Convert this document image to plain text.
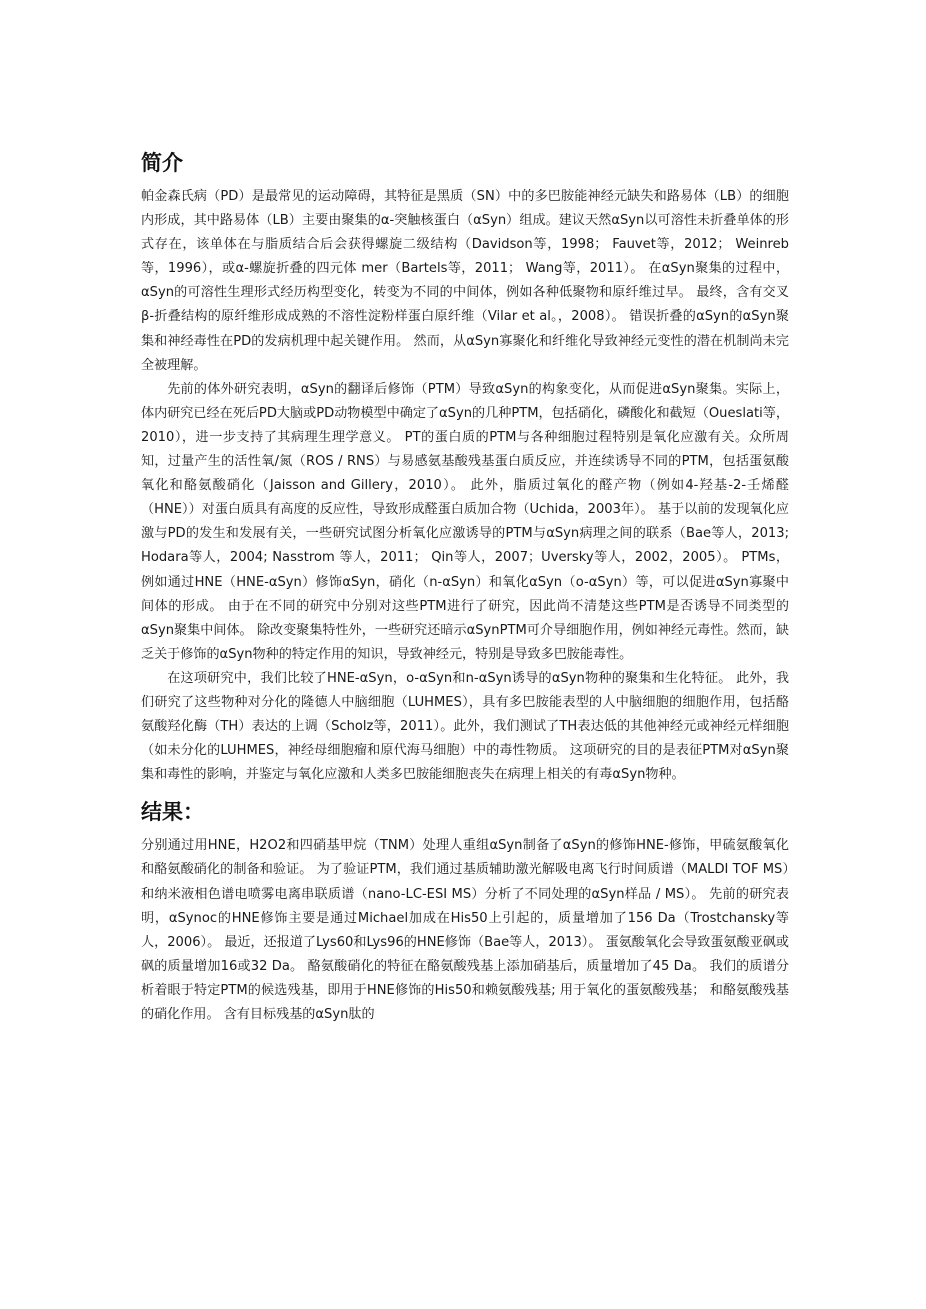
简介

帕金森氏病（PD）是最常见的运动障碍，其特征是黑质（SN）中的多巴胺能神经元缺失和路易体（LB）的细胞内形成，其中路易体（LB）主要由聚集的α-突触核蛋白（αSyn）组成。建议天然αSyn以可溶性未折叠单体的形式存在，该单体在与脂质结合后会获得螺旋二级结构（Davidson等，1998； Fauvet等，2012； Weinreb等，1996），或α-螺旋折叠的四元体 mer（Bartels等，2011； Wang等，2011）。 在αSyn聚集的过程中，αSyn的可溶性生理形式经历构型变化，转变为不同的中间体，例如各种低聚物和原纤维过早。 最终，含有交叉β-折叠结构的原纤维形成成熟的不溶性淀粉样蛋白原纤维（Vilar et al。，2008）。 错误折叠的αSyn的αSyn聚集和神经毒性在PD的发病机理中起关键作用。 然而，从αSyn寡聚化和纤维化导致神经元变性的潜在机制尚未完全被理解。

先前的体外研究表明，αSyn的翻译后修饰（PTM）导致αSyn的构象变化，从而促进αSyn聚集。实际上，体内研究已经在死后PD大脑或PD动物模型中确定了αSyn的几种PTM，包括硝化，磷酸化和截短（Oueslati等，2010），进一步支持了其病理生理学意义。 PT的蛋白质的PTM与各种细胞过程特别是氧化应激有关。众所周知，过量产生的活性氧/氮（ROS / RNS）与易感氨基酸残基蛋白质反应，并连续诱导不同的PTM，包括蛋氨酸氧化和酪氨酸硝化（Jaisson and Gillery，2010）。 此外，脂质过氧化的醛产物（例如4-羟基-2-壬烯醛（HNE））对蛋白质具有高度的反应性，导致形成醛蛋白质加合物（Uchida，2003年）。 基于以前的发现氧化应激与PD的发生和发展有关，一些研究试图分析氧化应激诱导的PTM与αSyn病理之间的联系（Bae等人，2013; Hodara等人，2004; Nasstrom 等人，2011； Qin等人，2007；Uversky等人，2002，2005）。 PTMs，例如通过HNE（HNE-αSyn）修饰αSyn，硝化（n-αSyn）和氧化αSyn（o-αSyn）等，可以促进αSyn寡聚中间体的形成。 由于在不同的研究中分别对这些PTM进行了研究，因此尚不清楚这些PTM是否诱导不同类型的αSyn聚集中间体。 除改变聚集特性外，一些研究还暗示αSynPTM可介导细胞作用，例如神经元毒性。然而，缺乏关于修饰的αSyn物种的特定作用的知识，导致神经元，特别是导致多巴胺能毒性。

在这项研究中，我们比较了HNE-αSyn，o-αSyn和n-αSyn诱导的αSyn物种的聚集和生化特征。 此外，我们研究了这些物种对分化的隆德人中脑细胞（LUHMES），具有多巴胺能表型的人中脑细胞的细胞作用，包括酪氨酸羟化酶（TH）表达的上调（Scholz等，2011）。此外，我们测试了TH表达低的其他神经元或神经元样细胞（如未分化的LUHMES，神经母细胞瘤和原代海马细胞）中的毒性物质。 这项研究的目的是表征PTM对αSyn聚集和毒性的影响，并鉴定与氧化应激和人类多巴胺能细胞丧失在病理上相关的有毒αSyn物种。

结果：

分别通过用HNE，H2O2和四硝基甲烷（TNM）处理人重组αSyn制备了αSyn的修饰HNE-修饰，甲硫氨酸氧化和酪氨酸硝化的制备和验证。 为了验证PTM，我们通过基质辅助激光解吸电离飞行时间质谱（MALDI TOF MS）和纳米液相色谱电喷雾电离串联质谱（nano-LC-ESI MS）分析了不同处理的αSyn样品 / MS）。 先前的研究表明，αSynoc的HNE修饰主要是通过Michael加成在His50上引起的，质量增加了156 Da（Trostchansky等人，2006）。 最近，还报道了Lys60和Lys96的HNE修饰（Bae等人，2013）。 蛋氨酸氧化会导致蛋氨酸亚砜或砜的质量增加16或32 Da。 酪氨酸硝化的特征在酪氨酸残基上添加硝基后，质量增加了45 Da。 我们的质谱分析着眼于特定PTM的候选残基，即用于HNE修饰的His50和赖氨酸残基; 用于氧化的蛋氨酸残基； 和酪氨酸残基的硝化作用。 含有目标残基的αSyn肽的
